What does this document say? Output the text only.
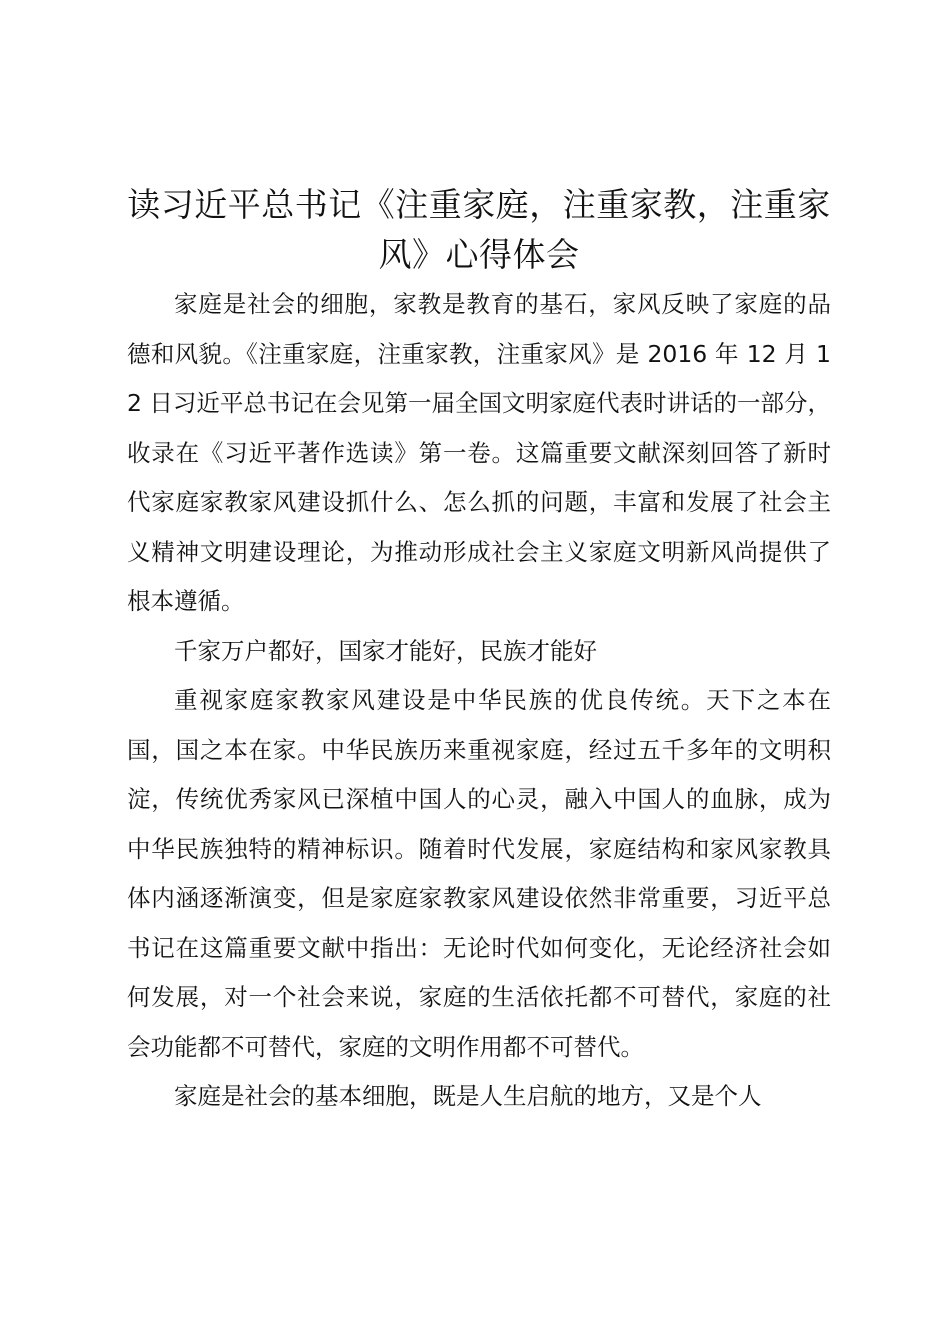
读习近平总书记《注重家庭，注重家教，注重家风》心得体会

家庭是社会的细胞，家教是教育的基石，家风反映了家庭的品德和风貌。《注重家庭，注重家教，注重家风》是 2016 年 12 月 12 日习近平总书记在会见第一届全国文明家庭代表时讲话的一部分，收录在《习近平著作选读》第一卷。这篇重要文献深刻回答了新时代家庭家教家风建设抓什么、怎么抓的问题，丰富和发展了社会主义精神文明建设理论，为推动形成社会主义家庭文明新风尚提供了根本遵循。

千家万户都好，国家才能好，民族才能好

重视家庭家教家风建设是中华民族的优良传统。天下之本在国，国之本在家。中华民族历来重视家庭，经过五千多年的文明积淀，传统优秀家风已深植中国人的心灵，融入中国人的血脉，成为中华民族独特的精神标识。随着时代发展，家庭结构和家风家教具体内涵逐渐演变，但是家庭家教家风建设依然非常重要，习近平总书记在这篇重要文献中指出：无论时代如何变化，无论经济社会如何发展，对一个社会来说，家庭的生活依托都不可替代，家庭的社会功能都不可替代，家庭的文明作用都不可替代。

家庭是社会的基本细胞，既是人生启航的地方，又是个人
